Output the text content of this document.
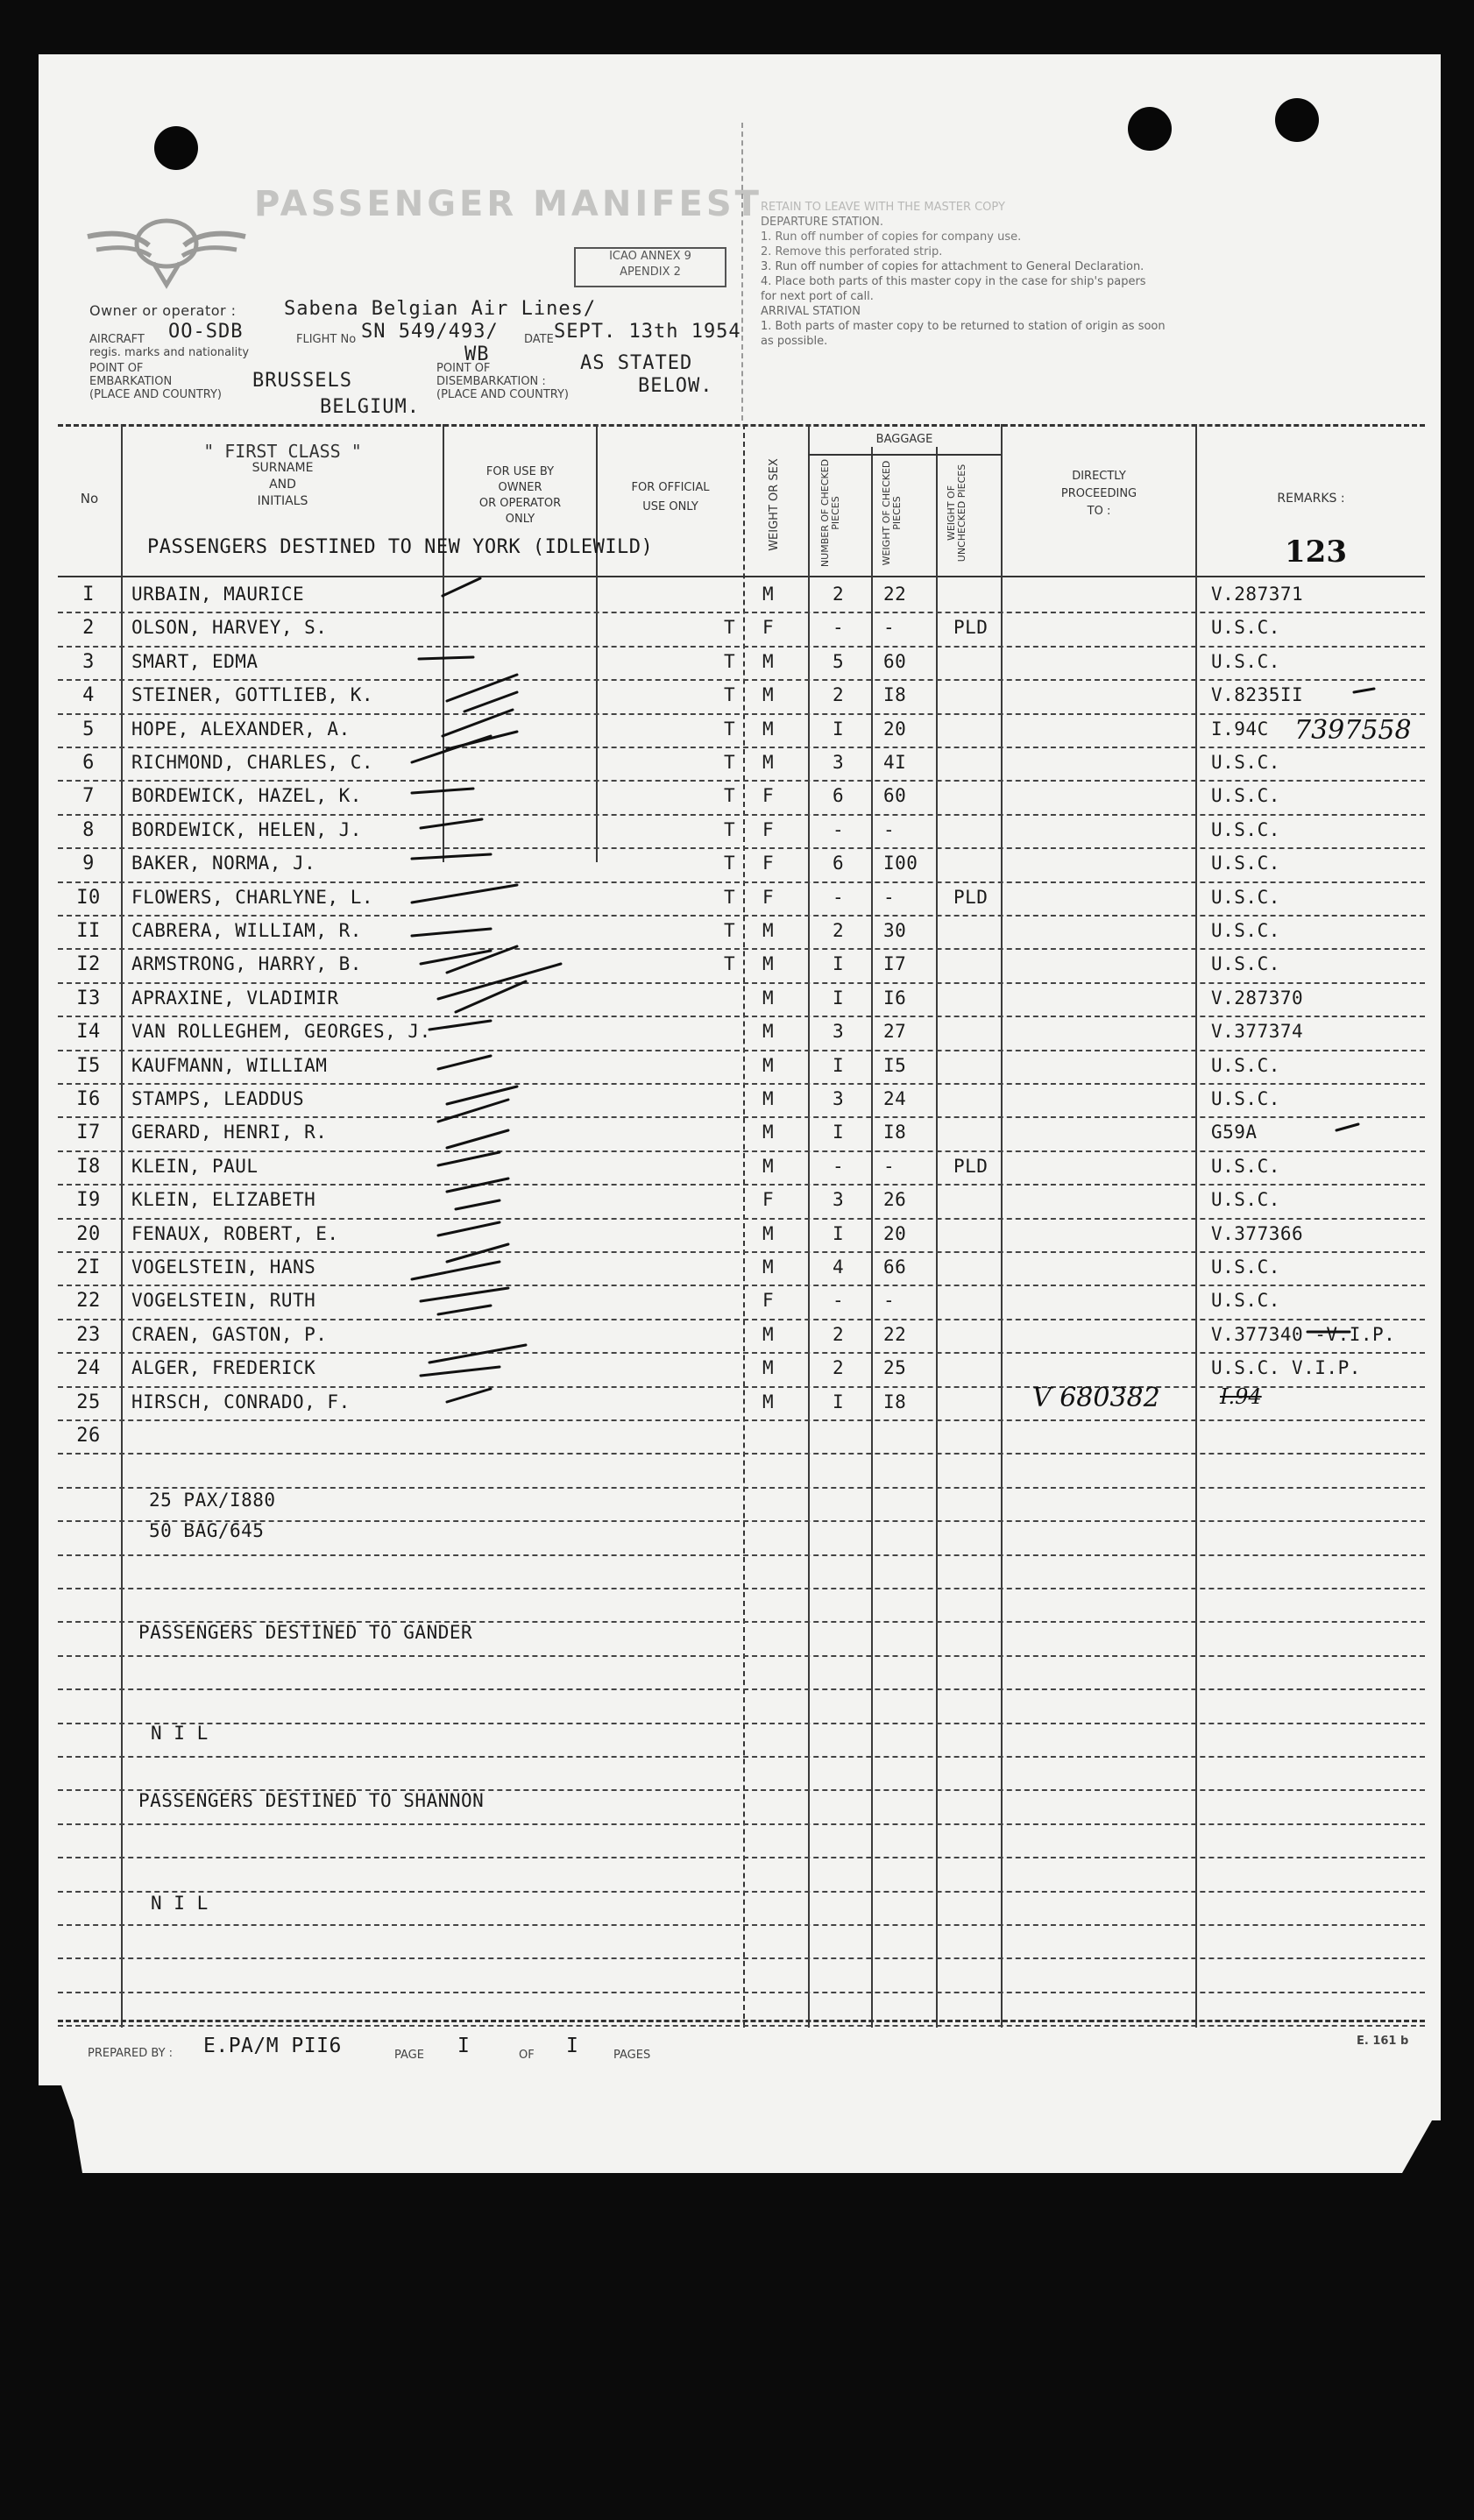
PASSENGER MANIFEST
ICAO ANNEX 9
APENDIX 2
Owner or operator : Sabena Belgian Air Lines/
AIRCRAFT OO-SDB
regis. marks and nationality
FLIGHT No SN 549/493/
WB
DATE SEPT. 13th 1954
POINT OF
EMBARKATION
(PLACE AND COUNTRY)
BRUSSELS
BELGIUM.
POINT OF
DISEMBARKATION :
(PLACE AND COUNTRY)
AS STATED
BELOW.
RETAIN TO LEAVE WITH THE MASTER COPY
DEPARTURE STATION.
1. Run off number of copies for company use.
2. Remove this perforated strip.
3. Run off number of copies for attachment to General Declaration.
4. Place both parts of this master copy in the case for ship's papers
for next port of call.
ARRIVAL STATION
1. Both parts of master copy to be returned to station of origin as soon
as possible.
No
" FIRST CLASS "
SURNAME
AND
INITIALS
FOR USE BY
OWNER
OR OPERATOR
ONLY
FOR OFFICIAL
USE ONLY	WEIGHT OR SEX
BAGGAGE
NUMBER OF CHECKED PIECES	WEIGHT OF CHECKED PIECES	WEIGHT OF UNCHECKED PIECES	DIRECTLY
PROCEEDING
TO :
REMARKS :
PASSENGERS DESTINED TO NEW YORK (IDLEWILD)	123
I	URBAIN, MAURICE	M	2 22	V.287371
2	OLSON, HARVEY, S.	T F	- -	PLD	U.S.C.
3	SMART, EDMA	T M	5 60	U.S.C.
4	STEINER, GOTTLIEB, K.	T M	2 I8	V.8235II
5	HOPE, ALEXANDER, A.	T M	I 20	I.94C
6	RICHMOND, CHARLES, C.	T M	3 4I	U.S.C.
7	BORDEWICK, HAZEL, K.	T F	6 60	U.S.C.
8	BORDEWICK, HELEN, J.	T F	- -	U.S.C.
9	BAKER, NORMA, J.	T F	6 I00	U.S.C.
I0	FLOWERS, CHARLYNE, L.	T F	- -	PLD	U.S.C.
II	CABRERA, WILLIAM, R.	T M	2 30	U.S.C.
I2	ARMSTRONG, HARRY, B.	T M	I I7	U.S.C.
I3	APRAXINE, VLADIMIR	M	I I6	V.287370
I4	VAN ROLLEGHEM, GEORGES, J.	M	3 27	V.377374
I5	KAUFMANN, WILLIAM	M	I I5	U.S.C.
I6	STAMPS, LEADDUS	M	3 24	U.S.C.
I7	GERARD, HENRI, R.	M	I I8	G59A
I8	KLEIN, PAUL	M	- -	PLD	U.S.C.
I9	KLEIN, ELIZABETH	F	3 26	U.S.C.
20	FENAUX, ROBERT, E.	M	I 20	V.377366
2I	VOGELSTEIN, HANS	M	4 66	U.S.C.
22	VOGELSTEIN, RUTH	F	- -	U.S.C.
23	CRAEN, GASTON, P.	M	2 22	V.377340 -V.I.P.
24	ALGER, FREDERICK	M	2 25	U.S.C. V.I.P.
25	HIRSCH, CONRADO, F.	M	I I8
26
7397558
V 680382	I.94
25 PAX/I880
50 BAG/645
PASSENGERS DESTINED TO GANDER
N I L
PASSENGERS DESTINED TO SHANNON
N I L
PREPARED BY : E.PA/M PII6	PAGE I	OF I	PAGES
E. 161 b
